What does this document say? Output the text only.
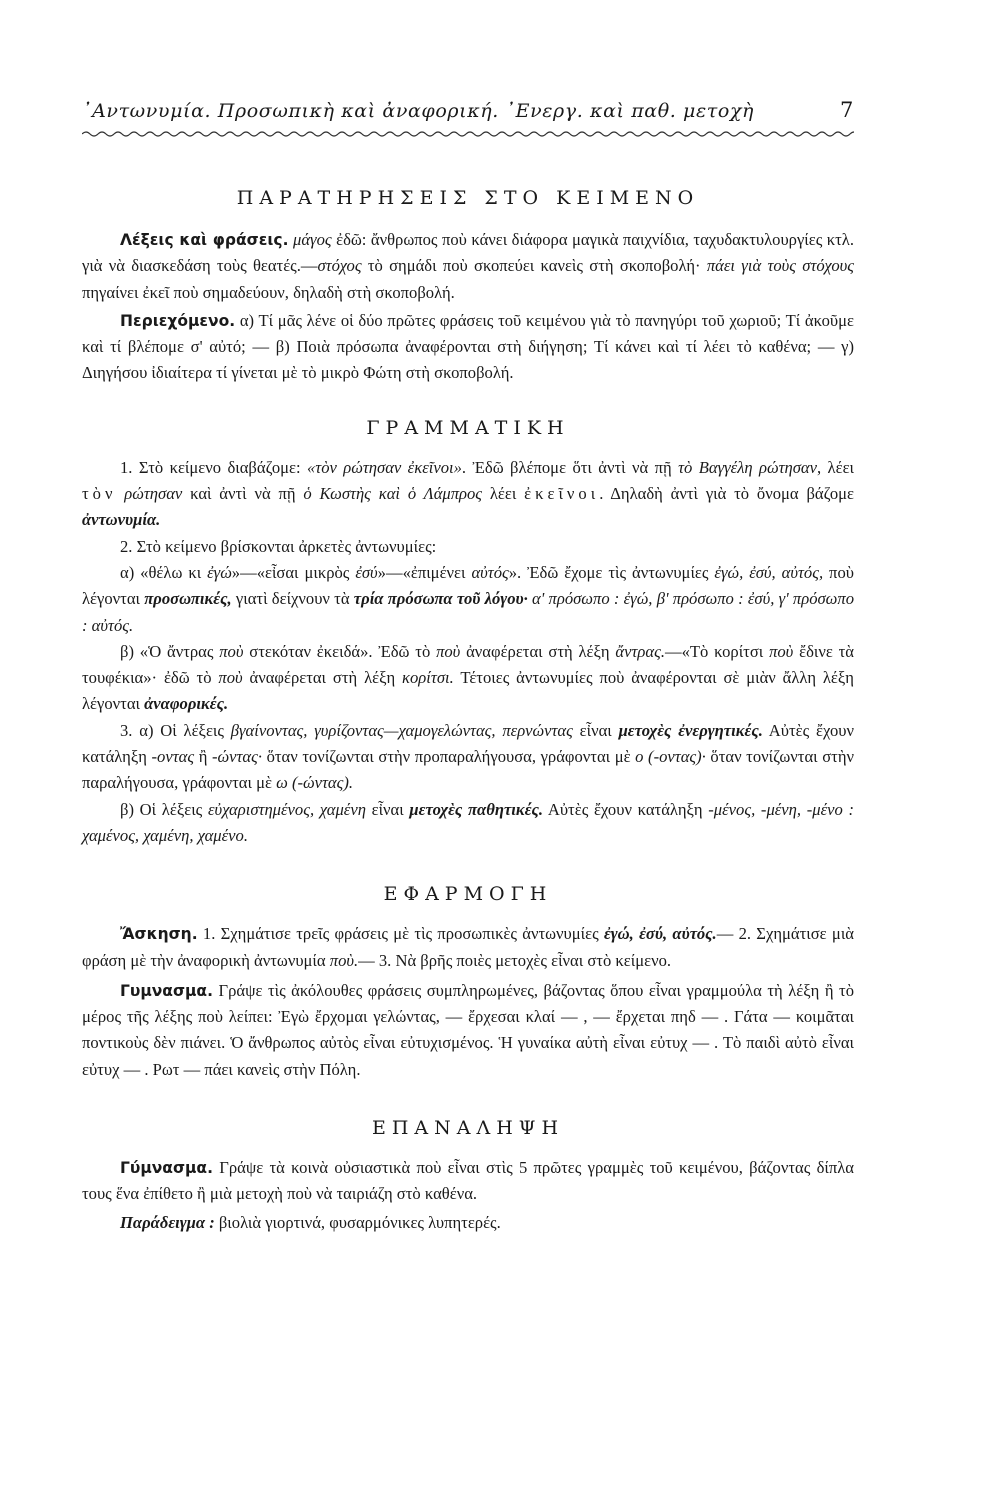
᾿Αντωνυμία. Προσωπικὴ καὶ ἀναφορική. ᾿Ενεργ. καὶ παθ. μετοχὴ	7
ΠΑΡΑΤΗΡΗΣΕΙΣ ΣΤΟ ΚΕΙΜΕΝΟ

Λέξεις καὶ φράσεις. μάγος ἐδῶ: ἄνθρωπος ποὺ κάνει διάφορα μαγικὰ παιχνίδια, ταχυδακτυλουργίες κτλ. γιὰ νὰ διασκεδάση τοὺς θεατές.—στόχος τὸ σημάδι ποὺ σκοπεύει κανεὶς στὴ σκοποβολή· πάει γιὰ τοὺς στόχους πηγαίνει ἐκεῖ ποὺ σημαδεύουν, δηλαδὴ στὴ σκοποβολή.

Περιεχόμενο. α) Τί μᾶς λένε οἱ δύο πρῶτες φράσεις τοῦ κειμένου γιὰ τὸ πανηγύρι τοῦ χωριοῦ; Τί ἀκοῦμε καὶ τί βλέπομε σ' αὐτό; — β) Ποιὰ πρόσωπα ἀναφέρονται στὴ διήγηση; Τί κάνει καὶ τί λέει τὸ καθένα; — γ) Διηγήσου ἰδιαίτερα τί γίνεται μὲ τὸ μικρὸ Φώτη στὴ σκοποβολή.

ΓΡΑΜΜΑΤΙΚΗ

1. Στὸ κείμενο διαβάζομε: «τὸν ρώτησαν ἐκεῖνοι». Ἐδῶ βλέπομε ὅτι ἀντὶ νὰ πῇ τὸ Βαγγέλη ρώτησαν, λέει τὸν ρώτησαν καὶ ἀντὶ νὰ πῇ ὁ Κωστὴς καὶ ὁ Λάμπρος λέει ἐκεῖνοι. Δηλαδὴ ἀντὶ γιὰ τὸ ὄνομα βάζομε ἀντωνυμία.

2. Στὸ κείμενο βρίσκονται ἀρκετὲς ἀντωνυμίες:

α) «θέλω κι ἐγώ»—«εἶσαι μικρὸς ἐσύ»—«ἐπιμένει αὐτός». Ἐδῶ ἔχομε τὶς ἀντωνυμίες ἐγώ, ἐσύ, αὐτός, ποὺ λέγονται προσωπικές, γιατὶ δείχνουν τὰ τρία πρόσωπα τοῦ λόγου· α' πρόσωπο : ἐγώ, β' πρόσωπο : ἐσύ, γ' πρόσωπο : αὐτός.

β) «Ὁ ἄντρας ποὺ στεκόταν ἐκειδά». Ἐδῶ τὸ ποὺ ἀναφέρεται στὴ λέξη ἄντρας.—«Τὸ κορίτσι ποὺ ἔδινε τὰ τουφέκια»· ἐδῶ τὸ ποὺ ἀναφέρεται στὴ λέξη κορίτσι. Τέτοιες ἀντωνυμίες ποὺ ἀναφέρονται σὲ μιὰν ἄλλη λέξη λέγονται ἀναφορικές.

3. α) Οἱ λέξεις βγαίνοντας, γυρίζοντας—χαμογελώντας, περνώντας εἶναι μετοχὲς ἐνεργητικές. Αὐτὲς ἔχουν κατάληξη -οντας ἢ -ώντας· ὅταν τονίζωνται στὴν προπαραλήγουσα, γράφονται μὲ ο (-οντας)· ὅταν τονίζωνται στὴν παραλήγουσα, γράφονται μὲ ω (-ώντας).

β) Οἱ λέξεις εὐχαριστημένος, χαμένη εἶναι μετοχὲς παθητικές. Αὐτὲς ἔχουν κατάληξη -μένος, -μένη, -μένο : χαμένος, χαμένη, χαμένο.

ΕΦΑΡΜΟΓΗ

Ἄσκηση. 1. Σχημάτισε τρεῖς φράσεις μὲ τὶς προσωπικὲς ἀντωνυμίες ἐγώ, ἐσύ, αὐτός.— 2. Σχημάτισε μιὰ φράση μὲ τὴν ἀναφορικὴ ἀντωνυμία ποὺ.— 3. Νὰ βρῆς ποιὲς μετοχὲς εἶναι στὸ κείμενο.

Γυμνασμα. Γράψε τὶς ἀκόλουθες φράσεις συμπληρωμένες, βάζοντας ὅπου εἶναι γραμμούλα τὴ λέξη ἢ τὸ μέρος τῆς λέξης ποὺ λείπει: Ἐγὼ ἔρχομαι γελώντας, — ἔρχεσαι κλαί — , — ἔρχεται πηδ — . Γάτα — κοιμᾶται ποντικοὺς δὲν πιάνει. Ὁ ἄνθρωπος αὐτὸς εἶναι εὐτυχισμένος. Ἡ γυναίκα αὐτὴ εἶναι εὐτυχ — . Τὸ παιδὶ αὐτὸ εἶναι εὐτυχ — . Ρωτ — πάει κανεὶς στὴν Πόλη.

ΕΠΑΝΑΛΗΨΗ

Γύμνασμα. Γράψε τὰ κοινὰ οὐσιαστικὰ ποὺ εἶναι στὶς 5 πρῶτες γραμμὲς τοῦ κειμένου, βάζοντας δίπλα τους ἕνα ἐπίθετο ἢ μιὰ μετοχὴ ποὺ νὰ ταιριάζη στὸ καθένα.

Παράδειγμα : βιολιὰ γιορτινά, φυσαρμόνικες λυπητερές.
